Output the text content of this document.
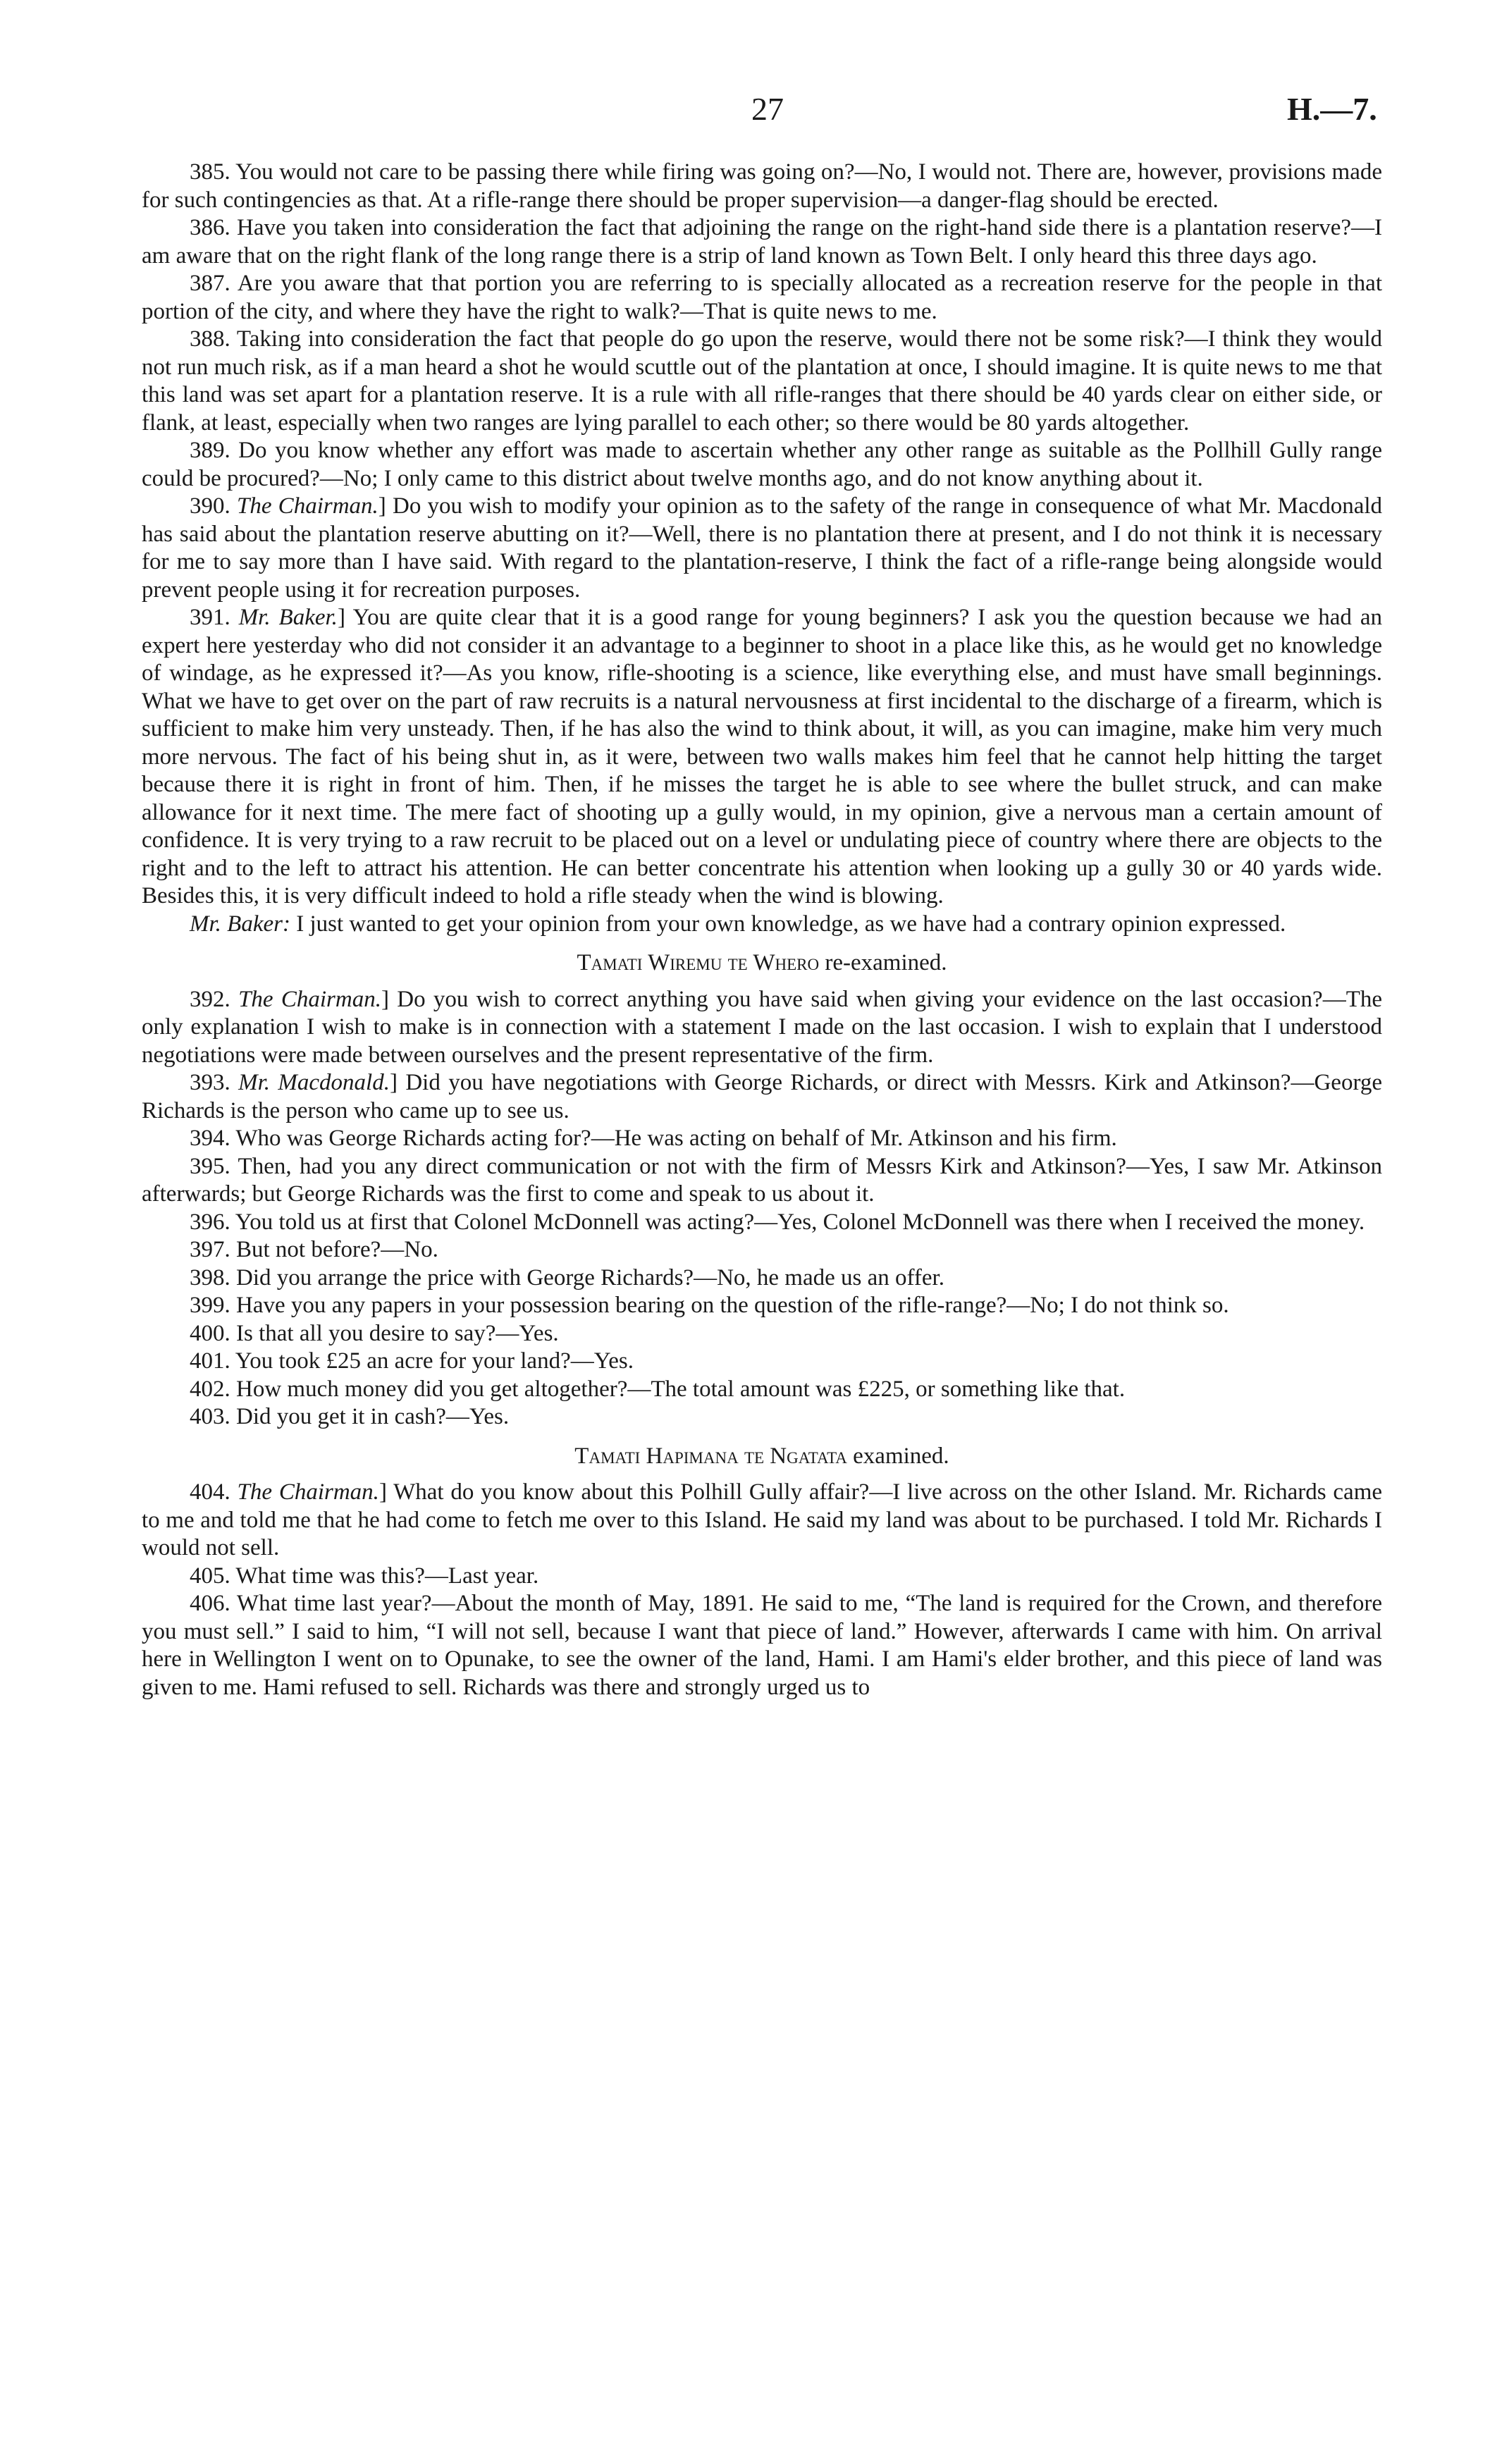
27	H.—7.

385. You would not care to be passing there while firing was going on?—No, I would not. There are, however, provisions made for such contingencies as that. At a rifle-range there should be proper supervision—a danger-flag should be erected.

386. Have you taken into consideration the fact that adjoining the range on the right-hand side there is a plantation reserve?—I am aware that on the right flank of the long range there is a strip of land known as Town Belt. I only heard this three days ago.

387. Are you aware that that portion you are referring to is specially allocated as a recreation reserve for the people in that portion of the city, and where they have the right to walk?—That is quite news to me.

388. Taking into consideration the fact that people do go upon the reserve, would there not be some risk?—I think they would not run much risk, as if a man heard a shot he would scuttle out of the plantation at once, I should imagine. It is quite news to me that this land was set apart for a plantation reserve. It is a rule with all rifle-ranges that there should be 40 yards clear on either side, or flank, at least, especially when two ranges are lying parallel to each other; so there would be 80 yards altogether.

389. Do you know whether any effort was made to ascertain whether any other range as suitable as the Pollhill Gully range could be procured?—No; I only came to this district about twelve months ago, and do not know anything about it.

390. The Chairman.] Do you wish to modify your opinion as to the safety of the range in consequence of what Mr. Macdonald has said about the plantation reserve abutting on it?—Well, there is no plantation there at present, and I do not think it is necessary for me to say more than I have said. With regard to the plantation-reserve, I think the fact of a rifle-range being alongside would prevent people using it for recreation purposes.

391. Mr. Baker.] You are quite clear that it is a good range for young beginners? I ask you the question because we had an expert here yesterday who did not consider it an advantage to a beginner to shoot in a place like this, as he would get no knowledge of windage, as he expressed it?—As you know, rifle-shooting is a science, like everything else, and must have small beginnings. What we have to get over on the part of raw recruits is a natural nervousness at first incidental to the discharge of a firearm, which is sufficient to make him very unsteady. Then, if he has also the wind to think about, it will, as you can imagine, make him very much more nervous. The fact of his being shut in, as it were, between two walls makes him feel that he cannot help hitting the target because there it is right in front of him. Then, if he misses the target he is able to see where the bullet struck, and can make allowance for it next time. The mere fact of shooting up a gully would, in my opinion, give a nervous man a certain amount of confidence. It is very trying to a raw recruit to be placed out on a level or undulating piece of country where there are objects to the right and to the left to attract his attention. He can better concentrate his attention when looking up a gully 30 or 40 yards wide. Besides this, it is very difficult indeed to hold a rifle steady when the wind is blowing.

Mr. Baker: I just wanted to get your opinion from your own knowledge, as we have had a contrary opinion expressed.

Tamati Wiremu te Whero re-examined.

392. The Chairman.] Do you wish to correct anything you have said when giving your evidence on the last occasion?—The only explanation I wish to make is in connection with a statement I made on the last occasion. I wish to explain that I understood negotiations were made between ourselves and the present representative of the firm.

393. Mr. Macdonald.] Did you have negotiations with George Richards, or direct with Messrs. Kirk and Atkinson?—George Richards is the person who came up to see us.

394. Who was George Richards acting for?—He was acting on behalf of Mr. Atkinson and his firm.

395. Then, had you any direct communication or not with the firm of Messrs Kirk and Atkinson?—Yes, I saw Mr. Atkinson afterwards; but George Richards was the first to come and speak to us about it.

396. You told us at first that Colonel McDonnell was acting?—Yes, Colonel McDonnell was there when I received the money.

397. But not before?—No.

398. Did you arrange the price with George Richards?—No, he made us an offer.

399. Have you any papers in your possession bearing on the question of the rifle-range?—No; I do not think so.

400. Is that all you desire to say?—Yes.

401. You took £25 an acre for your land?—Yes.

402. How much money did you get altogether?—The total amount was £225, or something like that.

403. Did you get it in cash?—Yes.

Tamati Hapimana te Ngatata examined.

404. The Chairman.] What do you know about this Polhill Gully affair?—I live across on the other Island. Mr. Richards came to me and told me that he had come to fetch me over to this Island. He said my land was about to be purchased. I told Mr. Richards I would not sell.

405. What time was this?—Last year.

406. What time last year?—About the month of May, 1891. He said to me, “The land is required for the Crown, and therefore you must sell.” I said to him, “I will not sell, because I want that piece of land.” However, afterwards I came with him. On arrival here in Wellington I went on to Opunake, to see the owner of the land, Hami. I am Hami's elder brother, and this piece of land was given to me. Hami refused to sell. Richards was there and strongly urged us to
